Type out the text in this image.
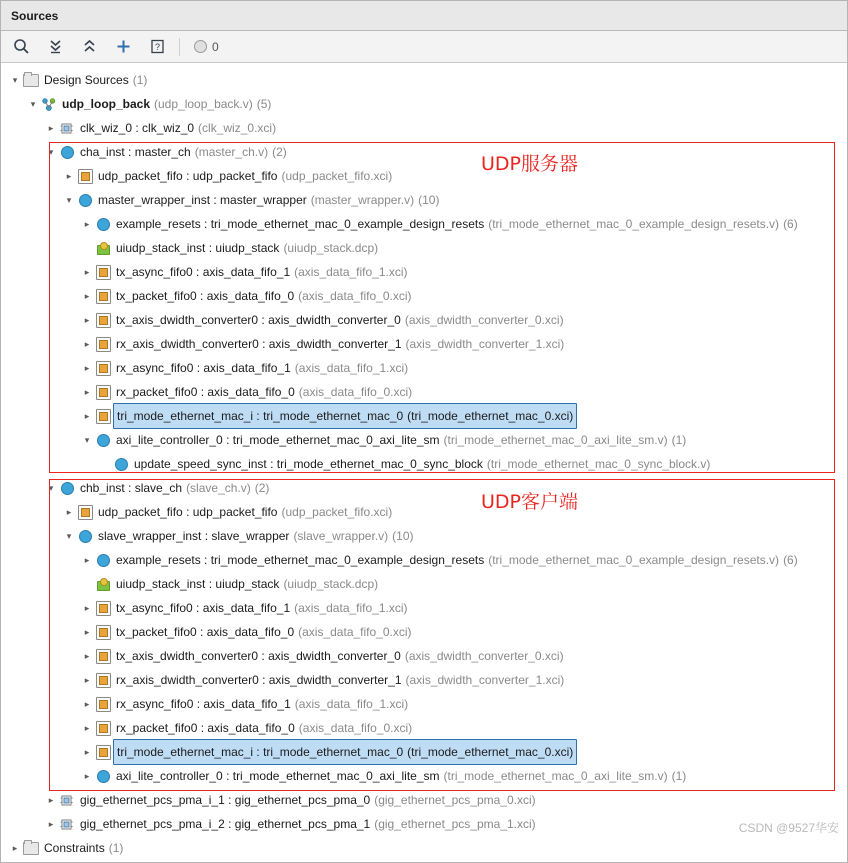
Sources
?	0
▾	Design Sources (1)
▾	udp_loop_back (udp_loop_back.v) (5)
▸	clk_wiz_0 : clk_wiz_0 (clk_wiz_0.xci)
▾	cha_inst : master_ch (master_ch.v) (2)
▸	udp_packet_fifo : udp_packet_fifo (udp_packet_fifo.xci)
▾	master_wrapper_inst : master_wrapper (master_wrapper.v) (10)
▸	example_resets : tri_mode_ethernet_mac_0_example_design_resets (tri_mode_ethernet_mac_0_example_design_resets.v) (6)
uiudp_stack_inst : uiudp_stack (uiudp_stack.dcp)
▸	tx_async_fifo0 : axis_data_fifo_1 (axis_data_fifo_1.xci)
▸	tx_packet_fifo0 : axis_data_fifo_0 (axis_data_fifo_0.xci)
▸	tx_axis_dwidth_converter0 : axis_dwidth_converter_0 (axis_dwidth_converter_0.xci)
▸	rx_axis_dwidth_converter0 : axis_dwidth_converter_1 (axis_dwidth_converter_1.xci)
▸	rx_async_fifo0 : axis_data_fifo_1 (axis_data_fifo_1.xci)
▸	rx_packet_fifo0 : axis_data_fifo_0 (axis_data_fifo_0.xci)
▸	tri_mode_ethernet_mac_i : tri_mode_ethernet_mac_0 (tri_mode_ethernet_mac_0.xci)
▾	axi_lite_controller_0 : tri_mode_ethernet_mac_0_axi_lite_sm (tri_mode_ethernet_mac_0_axi_lite_sm.v) (1)
update_speed_sync_inst : tri_mode_ethernet_mac_0_sync_block (tri_mode_ethernet_mac_0_sync_block.v)
▾	chb_inst : slave_ch (slave_ch.v) (2)
▸	udp_packet_fifo : udp_packet_fifo (udp_packet_fifo.xci)
▾	slave_wrapper_inst : slave_wrapper (slave_wrapper.v) (10)
▸	example_resets : tri_mode_ethernet_mac_0_example_design_resets (tri_mode_ethernet_mac_0_example_design_resets.v) (6)
uiudp_stack_inst : uiudp_stack (uiudp_stack.dcp)
▸	tx_async_fifo0 : axis_data_fifo_1 (axis_data_fifo_1.xci)
▸	tx_packet_fifo0 : axis_data_fifo_0 (axis_data_fifo_0.xci)
▸	tx_axis_dwidth_converter0 : axis_dwidth_converter_0 (axis_dwidth_converter_0.xci)
▸	rx_axis_dwidth_converter0 : axis_dwidth_converter_1 (axis_dwidth_converter_1.xci)
▸	rx_async_fifo0 : axis_data_fifo_1 (axis_data_fifo_1.xci)
▸	rx_packet_fifo0 : axis_data_fifo_0 (axis_data_fifo_0.xci)
▸	tri_mode_ethernet_mac_i : tri_mode_ethernet_mac_0 (tri_mode_ethernet_mac_0.xci)
▸	axi_lite_controller_0 : tri_mode_ethernet_mac_0_axi_lite_sm (tri_mode_ethernet_mac_0_axi_lite_sm.v) (1)
▸	gig_ethernet_pcs_pma_i_1 : gig_ethernet_pcs_pma_0 (gig_ethernet_pcs_pma_0.xci)
▸	gig_ethernet_pcs_pma_i_2 : gig_ethernet_pcs_pma_1 (gig_ethernet_pcs_pma_1.xci)
▸	Constraints (1)
UDP服务器
UDP客户端
CSDN @9527华安
